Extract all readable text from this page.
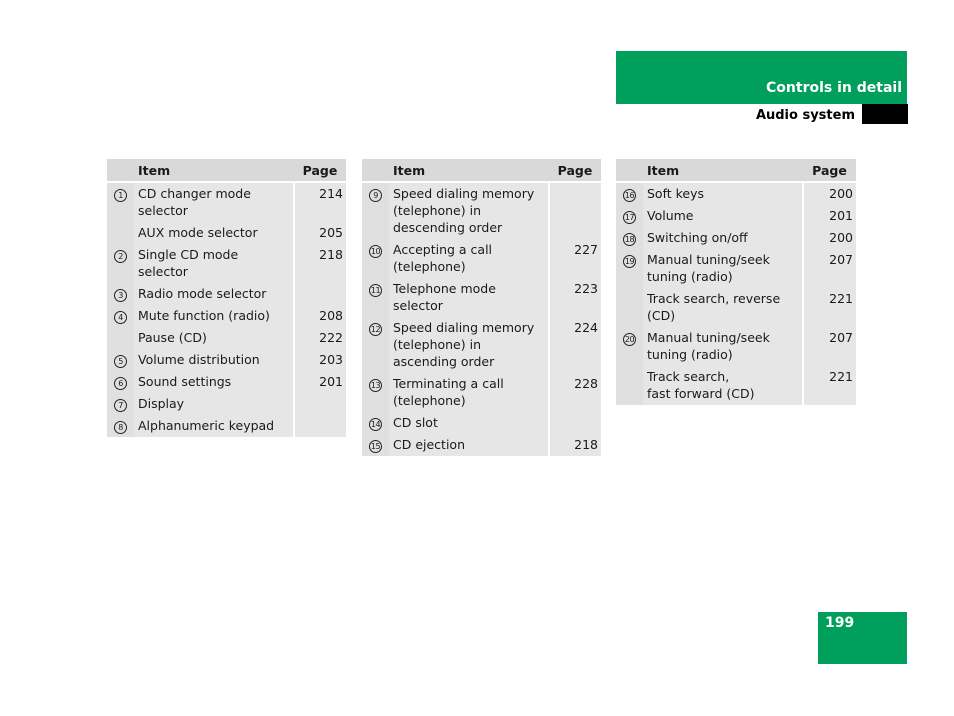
Controls in detail
Audio system
	Item	Page
1	CD changer mode selector	214
	AUX mode selector	205
2	Single CD mode selector	218
3	Radio mode selector	
4	Mute function (radio)	208
	Pause (CD)	222
5	Volume distribution	203
6	Sound settings	201
7	Display	
8	Alphanumeric keypad	
	Item	Page
9	Speed dialing memory (telephone) in descending order	
10	Accepting a call (telephone)	227
11	Telephone mode selector	223
12	Speed dialing memory (telephone) in ascending order	224
13	Terminating a call (telephone)	228
14	CD slot	
15	CD ejection	218
	Item	Page
16	Soft keys	200
17	Volume	201
18	Switching on/off	200
19	Manual tuning/seek tuning (radio)	207
	Track search, reverse (CD)	221
20	Manual tuning/seek tuning (radio)	207
	Track search,
fast forward (CD)	221
199
